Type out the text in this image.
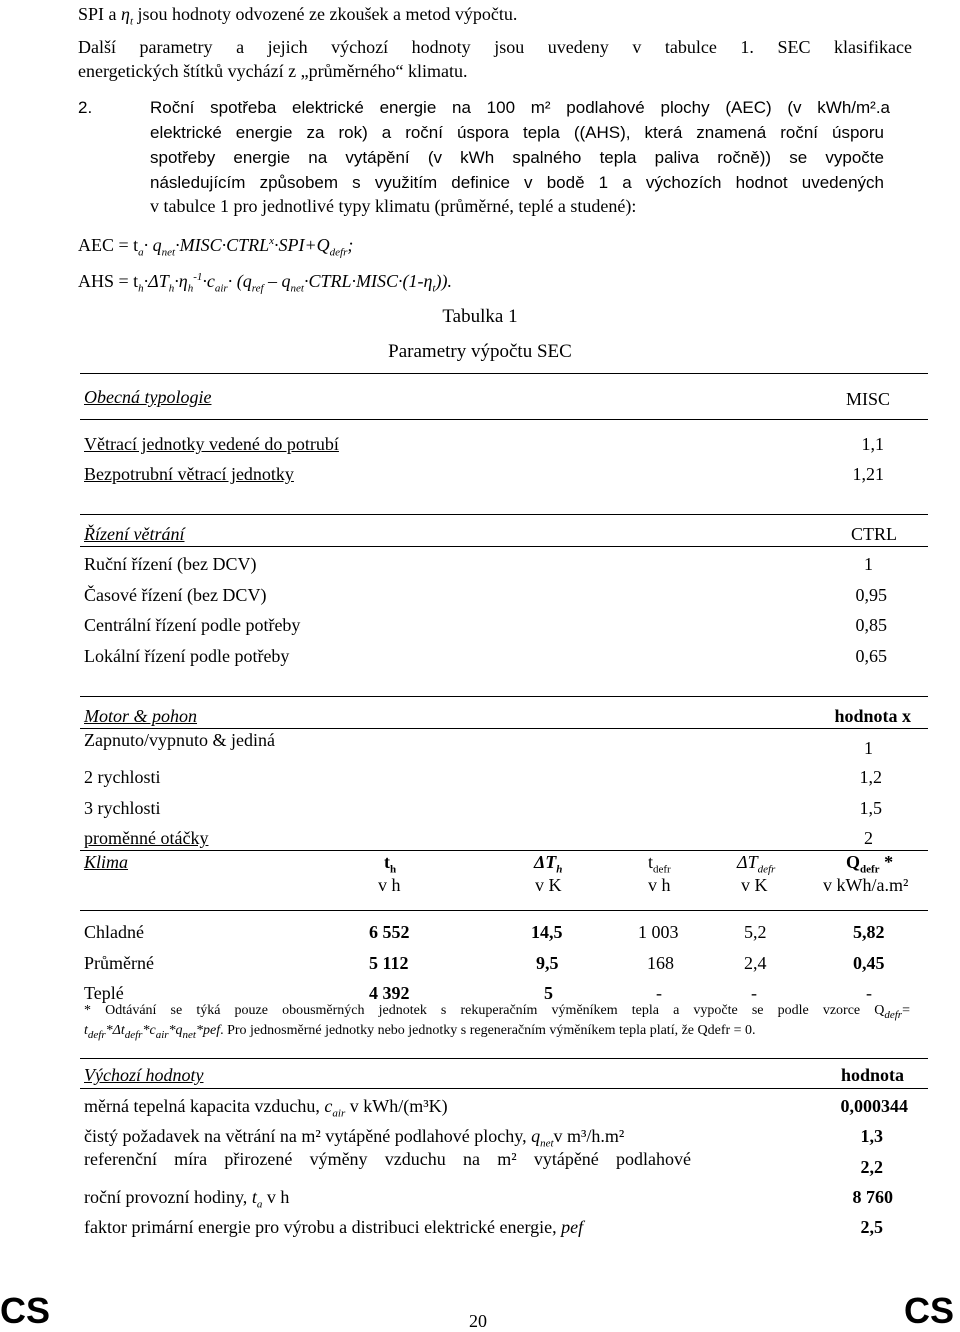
SPI a $\eta_t$ jsou hodnoty odvozené ze zkoušek a metod výpočtu.
Další parametry a jejich výchozí hodnoty jsou uvedeny v tabulce 1. SEC klasifikace
energetických štítků vychází z „průměrného“ klimatu.
2.	Roční spotřeba elektrické energie na 100 m² podlahové plochy (AEC) (v kWh/m².a
elektrické energie za rok) a roční úspora tepla ((AHS), která znamená roční úsporu
spotřeby energie na vytápění (v kWh spalného tepla paliva ročně)) se vypočte
následujícím způsobem s využitím definice v bodě 1 a výchozích hodnot uvedených
v tabulce 1 pro jednotlivé typy klimatu (průměrné, teplé a studené):
AEC = $t_a\cdot$ $q_{net}\cdot MISC\cdot CTRL^x\cdot SPI+Q_{defr}$;
AHS = $t_h\cdot\Delta T_h\cdot\eta_h^{-1}\cdot c_{air}\cdot (q_{ref}$ – $q_{net}\cdot CTRL\cdot MISC\cdot(1-\eta_t)$).
Tabulka 1
Parametry výpočtu SEC
Obecná typologie	MISC
Větrací jednotky vedené do potrubí	1,1
Bezpotrubní větrací jednotky	1,21
Řízení větrání	CTRL
Ruční řízení (bez DCV)	1
Časové řízení (bez DCV)	0,95
Centrální řízení podle potřeby	0,85
Lokální řízení podle potřeby	0,65
Motor & pohon	hodnota x
Zapnuto/vypnuto & jediná	1
2 rychlosti	1,2
3 rychlosti	1,5
proměnné otáčky	2
Klima	$t_h$	$\Delta T_h$	$t_{defr}$	$\Delta T_{defr}$	$Q_{defr}$ *
v h	v K	v h	v K	v kWh/a.m²
Chladné	6 552	14,5	1 003	5,2	5,82
Průměrné	5 112	9,5	168	2,4	0,45
Teplé	4 392	5	-	-	-
* Odtávání se týká pouze obousměrných jednotek s rekuperačním výměníkem tepla a vypočte se podle vzorce $Q_{defr}=$
$t_{defr}*\Delta t_{defr}*c_{air}*q_{net}*pef$. Pro jednosměrné jednotky nebo jednotky s regeneračním výměníkem tepla platí, že Qdefr = 0.
Výchozí hodnoty	hodnota
měrná tepelná kapacita vzduchu, $c_{air}$ v kWh/(m³K)	0,000344
čistý požadavek na větrání na m² vytápěné podlahové plochy, $q_{net}v$ m³/h.m²	1,3
referenční míra přirozené výměny vzduchu na m² vytápěné podlahové	2,2
roční provozní hodiny, $t_a$ v h	8 760
faktor primární energie pro výrobu a distribuci elektrické energie, pef	2,5
CS	20	CS
